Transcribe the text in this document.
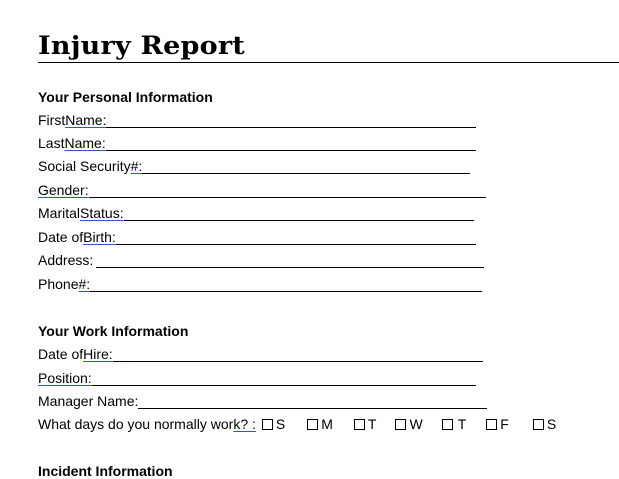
Injury Report
Your Personal Information
First Name:
Last Name:
Social Security #:
Gender:
Marital Status:
Date of Birth:
Address:
Phone #:
Your Work Information
Date of Hire:
Position:
Manager Name:
What days do you normally wor k? : S	M	T W	T F	S
Incident Information
